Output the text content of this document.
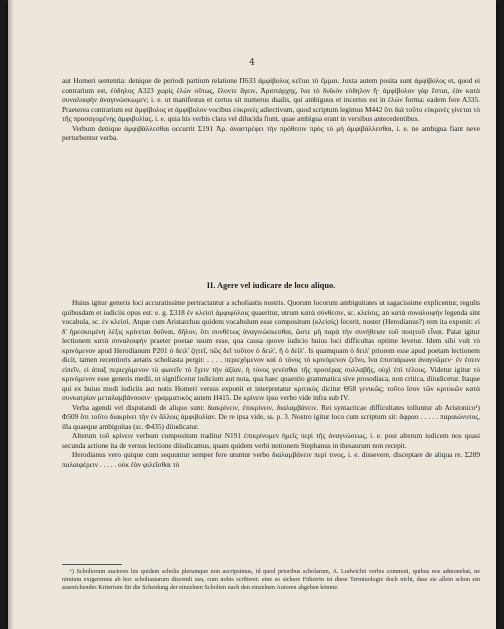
4

aut Homeri sententia: denique de periodi partium relatione Π633 ἀμφίβολος κεῖται τὸ ἔμμαι. Juxta autem posita sunt ἀμφίβολος et, quod ei contrarium est, ἐὐδηλος A323 χωρὶς ἑλὼν οὕτως, ἔλοντε ἄγειν, Ἀριστάρχης, ἵνα τὸ δυϊκὸν εὐδηλον ἢ· ἀμφίβολον γὰρ ἔσται, ἐὰν κατὰ συναλοιφὴν ἀναγινώσκωμεν; i. e. ut manifestus et certus sit numerus dualis, qui ambiguus et incertus est in ἑλὼν forma: eadem fere A335. Praeterea contrarium est ἀμφίβολος et ἀμφίβολον vocibus εὐκρινὲς adiectivum, quod scriptum legimus M442 ὅτι διὰ τοῦτο εὐκρινὲς γίνεται τὸ τῆς προσαγομένης ἀμφιβολίας, i. e. quia his verbis clara vel dilucida fiunt, quae ambigua erant in versibus antecedentibus.

Verbum denique ἀμφιβάλλεσθαι occurrit Σ191 Ἀρ. ἀναστρέφει τὴν πρόθεσιν πρὸς τὸ μὴ ἀμφιβάλλεσθαι, i. e. ne ambigua fiant neve perturbentur verba.

II. Agere vel iudicare de loco aliquo.

Huius igitur generis loci accuratissime pertractantur a scholiastis nostris. Quorum locorum ambiguitates ut sagacissime explicentur, regulis quibusdam et iudiciis opus est: e. g. Σ318 ἐν κλεὶσὶ ἀμφιφύλοις quaeritur, utrum κατὰ σύνθεσιν, sc. κλείσις, an κατὰ συναλοιφὴν legenda sint vocabula, sc. ἐν κλεὶσὶ. Atque cum Aristarchus quidem vocabulum esse compositum (κλεὶσίς) fecerit, noster (Herodianus?) rem ita exponit: εἰ δ' ἠρεσκομένη λέξις κρίνεται δοῦναι, δῆλον, ὅτι συνθέτως ἀναγινώσκεσθαι, ὥστε μὴ παρὰ τὴν συνήθειαν τοῦ ποιητοῦ εἶναι. Patat igitur lectionem κατὰ συναλοιφὴν praeter poetae usum esse, qua causa quove iudicio huius loci difficultas optime levetur. Idem sibi vult τὸ κρινόμενον apud Herodianum P201 ὁ δειλ' ζητεῖ, πῶς δεῖ τοῦτον ὁ δειλ', ἢ ὁ δεὶλ'. Is quamquam ὁ δειλ' priorem esse apud poetam lectionem dicit, tamen recentioris aetatis scholiasta pergit: . . . . περιεχόμενον καὶ ὁ τόνος τὸ κρινόμενον ζεῖνο, ἵνα ἐπισπάρωνα ἀναγνῶμεν· ἐν ἐσειν εἰπεῖν, εἰ ἁπαξ περιεχόμενον τὸ φωνεῖν τὸ ἔχειν τὴν ἀξίαν, ἡ τόνος γενέσθαι τῆς προσέρας συλλαβῆς, οὐχὶ ἐπὶ τέλους. Videtur igitur τὸ κρινόμενον esse generis medii, ut significetur iudicium aut nota, qua haec quaestio grammatica sive prosodiaca, non critica, diiudicetur. Itaque qui ex huius modi iudiciis aut notis Homeri versus exponit et interpretatur κριτικὸς dicitur Θ58 γενικῶς; τοῦτο ἴσον τῶν κριτικῶν κατὰ συνκατρίαν μεταλαμβάνουσιν· γραμματικὸς autem H415. De κρίνειν ipso verbo vide infra sub IV.

Verba agendi vel disputandi de aliquo sunt: διακρίνειν, ἐπικρίνειν, διαλαμβάνειν. Rei syntacticae difficultates tolluntur ab Aristonico¹) Φ509 ὅτι τοῦτο διακρίνει τὴν ἐν ἄλλοις ἀμφιβολίαν. De re ipsa vide, ss. p. 3. Nostro igitur loco cum scriptum sit: ἄφραο . . . . . παραιώνυτος, illa quaeque ambiguitas (sc. Φ435) diiudicatur.

Alterum τοῦ κρίνειν verbum compositum traditur N191 ἐπικρίνομεν ἡμεῖς περὶ τῆς ἀναγνώσεως, i. e. post alterum iudicem nos quasi secunda actione ita de versus lectione diiudicamus, quam quidem verbi notionem Stephanus in thesaurum non recepit.

Herodianus vero quique cum sequuntur semper fere utuntur verbo διαλαμβάνειν περί τινος, i. e. dissevere, disceptare de aliqua re. Σ289 παλαιφέρειν . . . . . οὐκ ἐὰν φιλεῖσθαι τὸ

¹) Scholiorum auctores his quidem scholis plerumque non ascripsimus, id quod prioribus scholarum, A. Ludwichii verbis commoti, quibus nos admonebat, ne nimium exigeremus ab hoc scholiastarum discendi usu, cum nobis scriberet: eine so sichere Führerin ist diese Terminologie doch nicht, dass sie allein schon ein ausreichendes Kriterium für die Scheidung der einzelnen Scholien nach den einzelnen Autoren abgeben könnte.
